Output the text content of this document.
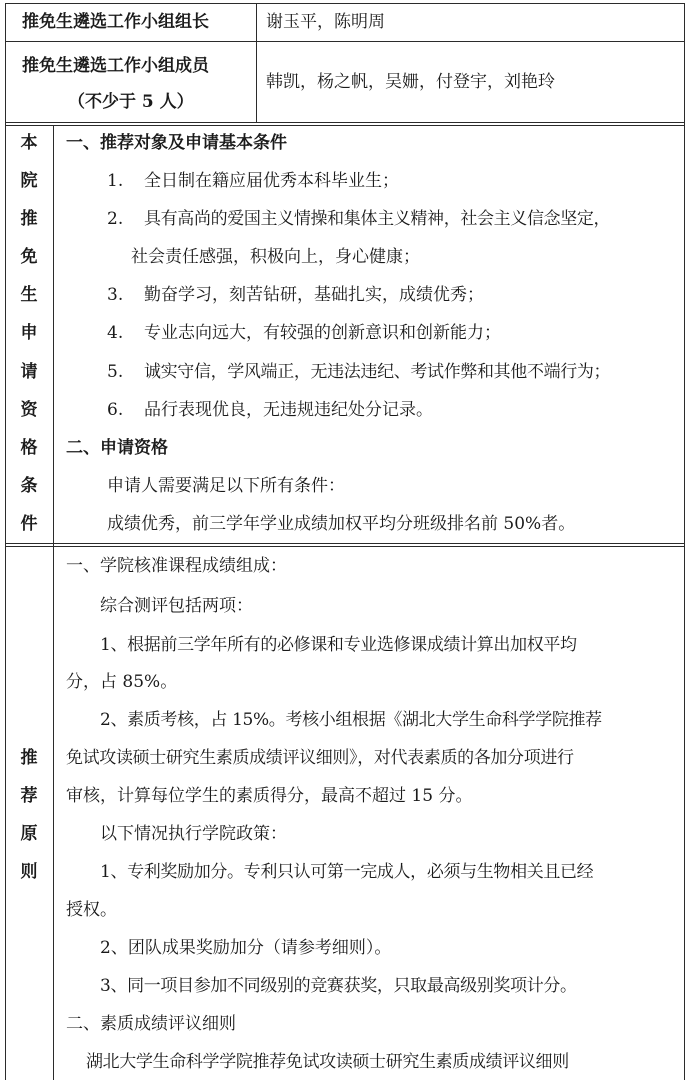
推免生遴选工作小组组长	谢玉平，陈明周
推免生遴选工作小组成员
（不少于 5 人）
韩凯，杨之帆，吴姗，付登宇，刘艳玲
本
院
推
免
生
申
请
资
格
条
件
一、推荐对象及申请基本条件
1. 全日制在籍应届优秀本科毕业生；
2. 具有高尚的爱国主义情操和集体主义精神，社会主义信念坚定，
社会责任感强，积极向上，身心健康；
3. 勤奋学习，刻苦钻研，基础扎实，成绩优秀；
4. 专业志向远大，有较强的创新意识和创新能力；
5. 诚实守信，学风端正，无违法违纪、考试作弊和其他不端行为；
6. 品行表现优良，无违规违纪处分记录。
二、申请资格
申请人需要满足以下所有条件：
成绩优秀，前三学年学业成绩加权平均分班级排名前 50%者。
推
荐
原
则
一、学院核准课程成绩组成：
综合测评包括两项：
1、根据前三学年所有的必修课和专业选修课成绩计算出加权平均
分，占 85%。
2、素质考核，占 15%。考核小组根据《湖北大学生命科学学院推荐
免试攻读硕士研究生素质成绩评议细则》，对代表素质的各加分项进行
审核，计算每位学生的素质得分，最高不超过 15 分。
以下情况执行学院政策：
1、专利奖励加分。专利只认可第一完成人，必须与生物相关且已经
授权。
2、团队成果奖励加分（请参考细则）。
3、同一项目参加不同级别的竞赛获奖，只取最高级别奖项计分。
二、素质成绩评议细则
湖北大学生命科学学院推荐免试攻读硕士研究生素质成绩评议细则
